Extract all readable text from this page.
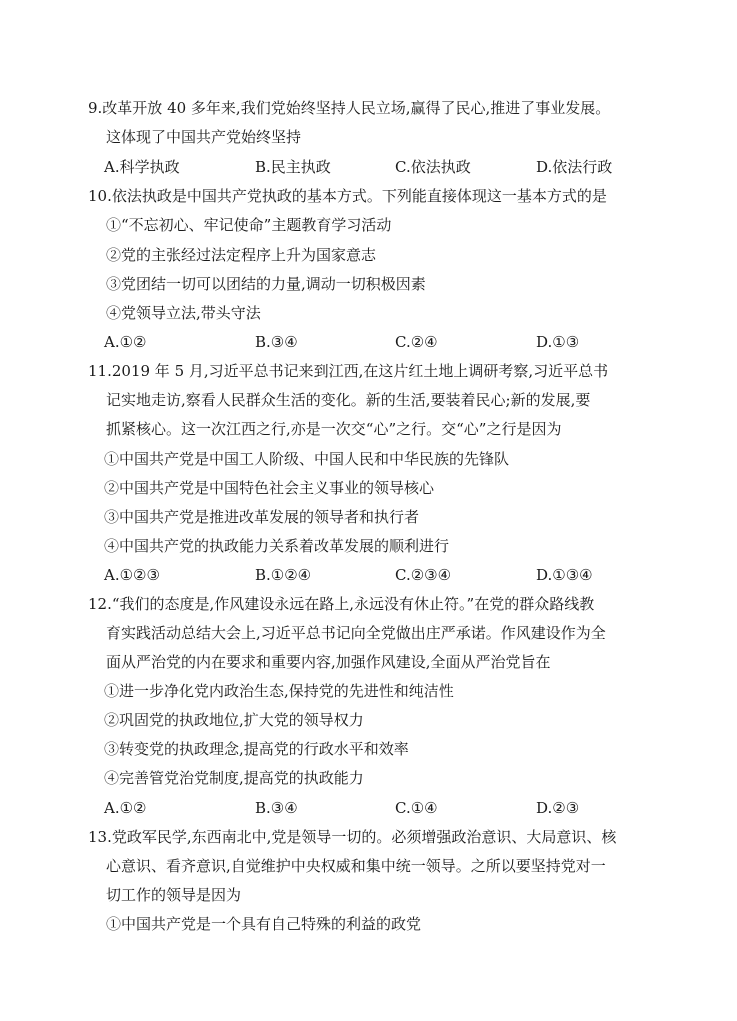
9.改革开放 40 多年来,我们党始终坚持人民立场,赢得了民心,推进了事业发展。
这体现了中国共产党始终坚持
A.科学执政	B.民主执政	C.依法执政	D.依法行政
10.依法执政是中国共产党执政的基本方式。下列能直接体现这一基本方式的是
①“不忘初心、牢记使命”主题教育学习活动
②党的主张经过法定程序上升为国家意志
③党团结一切可以团结的力量,调动一切积极因素
④党领导立法,带头守法
A.①②	B.③④	C.②④	D.①③
11.2019 年 5 月,习近平总书记来到江西,在这片红土地上调研考察,习近平总书
记实地走访,察看人民群众生活的变化。新的生活,要装着民心;新的发展,要
抓紧核心。这一次江西之行,亦是一次交“心”之行。交“心”之行是因为
①中国共产党是中国工人阶级、中国人民和中华民族的先锋队
②中国共产党是中国特色社会主义事业的领导核心
③中国共产党是推进改革发展的领导者和执行者
④中国共产党的执政能力关系着改革发展的顺利进行
A.①②③	B.①②④	C.②③④	D.①③④
12.“我们的态度是,作风建设永远在路上,永远没有休止符。”在党的群众路线教
育实践活动总结大会上,习近平总书记向全党做出庄严承诺。作风建设作为全
面从严治党的内在要求和重要内容,加强作风建设,全面从严治党旨在
①进一步净化党内政治生态,保持党的先进性和纯洁性
②巩固党的执政地位,扩大党的领导权力
③转变党的执政理念,提高党的行政水平和效率
④完善管党治党制度,提高党的执政能力
A.①②	B.③④	C.①④	D.②③
13.党政军民学,东西南北中,党是领导一切的。必须增强政治意识、大局意识、核
心意识、看齐意识,自觉维护中央权威和集中统一领导。之所以要坚持党对一
切工作的领导是因为
①中国共产党是一个具有自己特殊的利益的政党
